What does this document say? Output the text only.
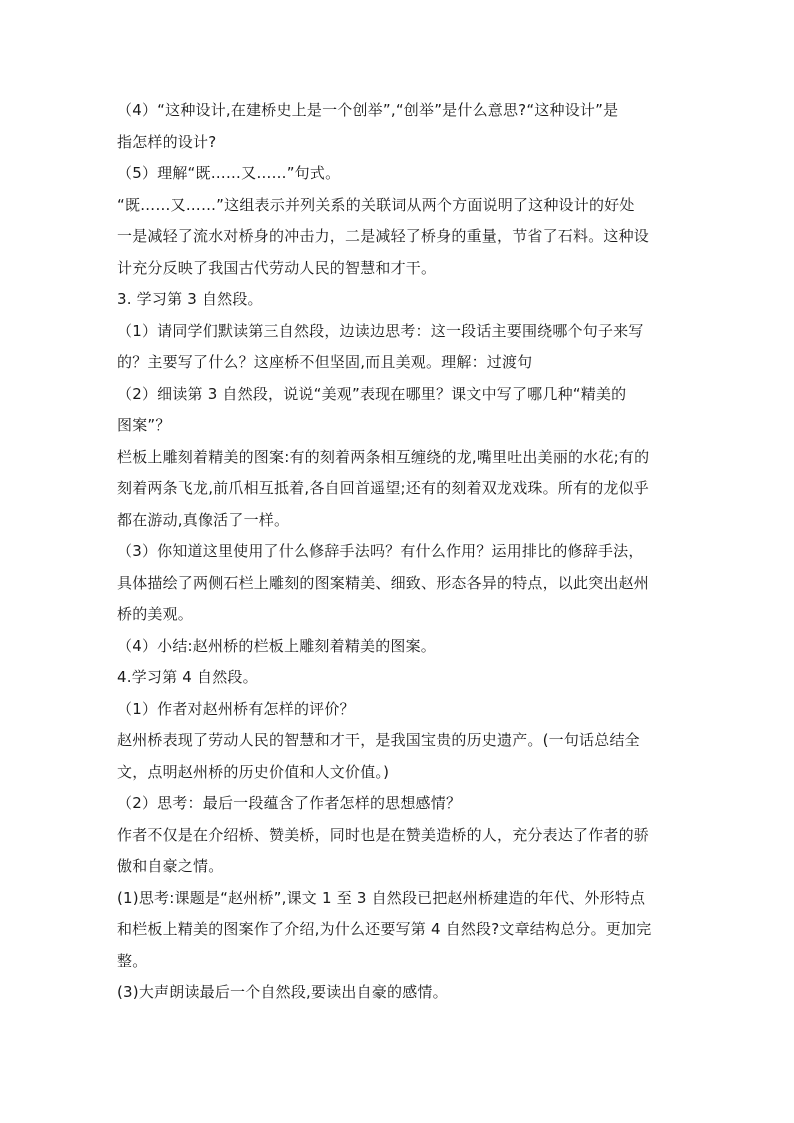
（4）“这种设计,在建桥史上是一个创举”,“创举”是什么意思?“这种设计”是
指怎样的设计?
（5）理解“既……又……”句式。
“既……又……”这组表示并列关系的关联词从两个方面说明了这种设计的好处
一是减轻了流水对桥身的冲击力，二是减轻了桥身的重量，节省了石料。这种设
计充分反映了我国古代劳动人民的智慧和才干。
3. 学习第 3 自然段。
（1）请同学们默读第三自然段，边读边思考：这一段话主要围绕哪个句子来写
的？主要写了什么？这座桥不但坚固,而且美观。理解：过渡句
（2）细读第 3 自然段，说说“美观”表现在哪里？课文中写了哪几种“精美的
图案”？
栏板上雕刻着精美的图案:有的刻着两条相互缠绕的龙,嘴里吐出美丽的水花;有的
刻着两条飞龙,前爪相互抵着,各自回首遥望;还有的刻着双龙戏珠。所有的龙似乎
都在游动,真像活了一样。
（3）你知道这里使用了什么修辞手法吗？有什么作用？运用排比的修辞手法，
具体描绘了两侧石栏上雕刻的图案精美、细致、形态各异的特点，以此突出赵州
桥的美观。
（4）小结:赵州桥的栏板上雕刻着精美的图案。
4.学习第 4 自然段。
（1）作者对赵州桥有怎样的评价？
赵州桥表现了劳动人民的智慧和才干，是我国宝贵的历史遗产。(一句话总结全
文，点明赵州桥的历史价值和人文价值。)
（2）思考：最后一段蕴含了作者怎样的思想感情？
作者不仅是在介绍桥、赞美桥，同时也是在赞美造桥的人，充分表达了作者的骄
傲和自豪之情。
(1)思考:课题是“赵州桥”,课文 1 至 3 自然段已把赵州桥建造的年代、外形特点
和栏板上精美的图案作了介绍,为什么还要写第 4 自然段?文章结构总分。更加完
整。
(3)大声朗读最后一个自然段,要读出自豪的感情。
